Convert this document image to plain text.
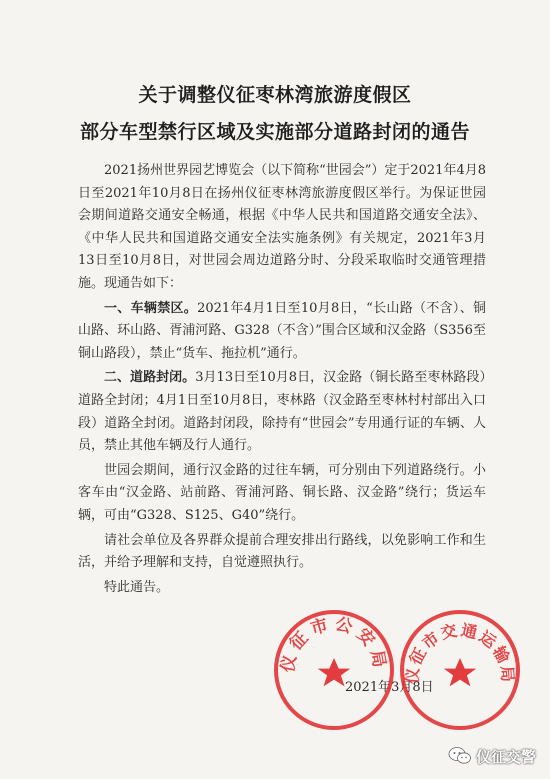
关于调整仪征枣林湾旅游度假区
部分车型禁行区域及实施部分道路封闭的通告

2021扬州世界园艺博览会（以下简称“世园会”）定于2021年4月8日至2021年10月8日在扬州仪征枣林湾旅游度假区举行。为保证世园会期间道路交通安全畅通，根据《中华人民共和国道路交通安全法》、《中华人民共和国道路交通安全法实施条例》有关规定，2021年3月13日至10月8日，对世园会周边道路分时、分段采取临时交通管理措施。现通告如下：

一、车辆禁区。2021年4月1日至10月8日，“长山路（不含）、铜山路、环山路、胥浦河路、G328（不含）”围合区域和汉金路（S356至铜山路段），禁止“货车、拖拉机”通行。

二、道路封闭。3月13日至10月8日，汉金路（铜长路至枣林路段）道路全封闭；4月1日至10月8日，枣林路（汉金路至枣林村村部出入口段）道路全封闭。道路封闭段，除持有“世园会”专用通行证的车辆、人员，禁止其他车辆及行人通行。

世园会期间，通行汉金路的过往车辆，可分别由下列道路绕行。小客车由“汉金路、站前路、胥浦河路、铜长路、汉金路”绕行；货运车辆，可由“G328、S125、G40”绕行。

请社会单位及各界群众提前合理安排出行路线，以免影响工作和生活，并给予理解和支持，自觉遵照执行。

特此通告。

2021年3月8日
仪征市公安局
仪征市交通运输局
仪征交警
